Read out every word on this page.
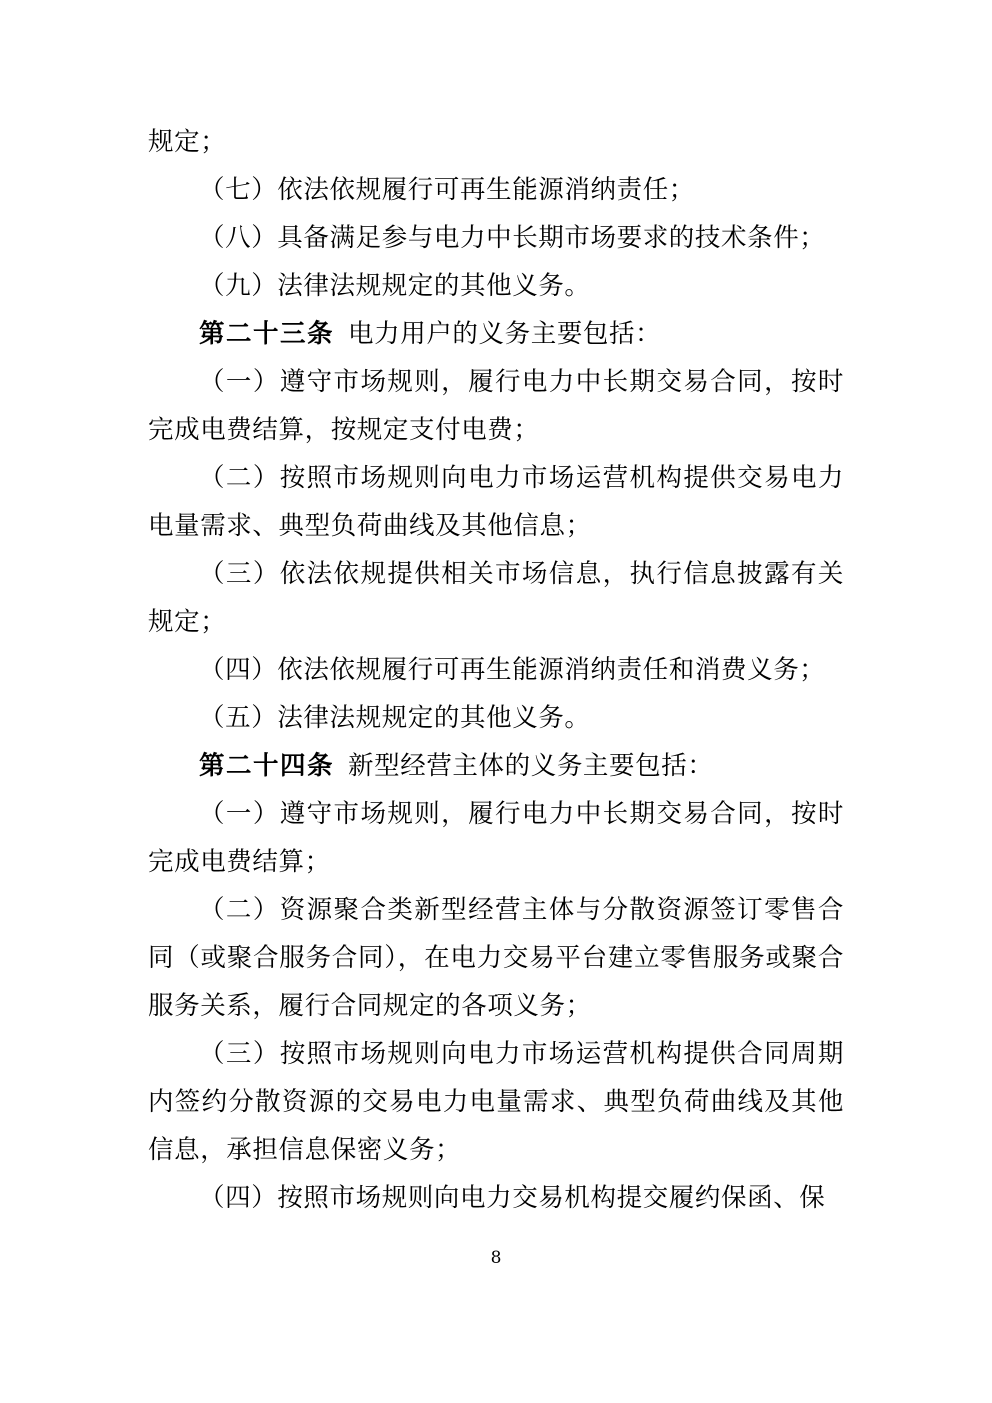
规定；

（七）依法依规履行可再生能源消纳责任；

（八）具备满足参与电力中长期市场要求的技术条件；

（九）法律法规规定的其他义务。

第二十三条 电力用户的义务主要包括：

（一）遵守市场规则，履行电力中长期交易合同，按时完成电费结算，按规定支付电费；

（二）按照市场规则向电力市场运营机构提供交易电力电量需求、典型负荷曲线及其他信息；

（三）依法依规提供相关市场信息，执行信息披露有关规定；

（四）依法依规履行可再生能源消纳责任和消费义务；

（五）法律法规规定的其他义务。

第二十四条 新型经营主体的义务主要包括：

（一）遵守市场规则，履行电力中长期交易合同，按时完成电费结算；

（二）资源聚合类新型经营主体与分散资源签订零售合同（或聚合服务合同），在电力交易平台建立零售服务或聚合服务关系，履行合同规定的各项义务；

（三）按照市场规则向电力市场运营机构提供合同周期内签约分散资源的交易电力电量需求、典型负荷曲线及其他信息，承担信息保密义务；

（四）按照市场规则向电力交易机构提交履约保函、保

8
